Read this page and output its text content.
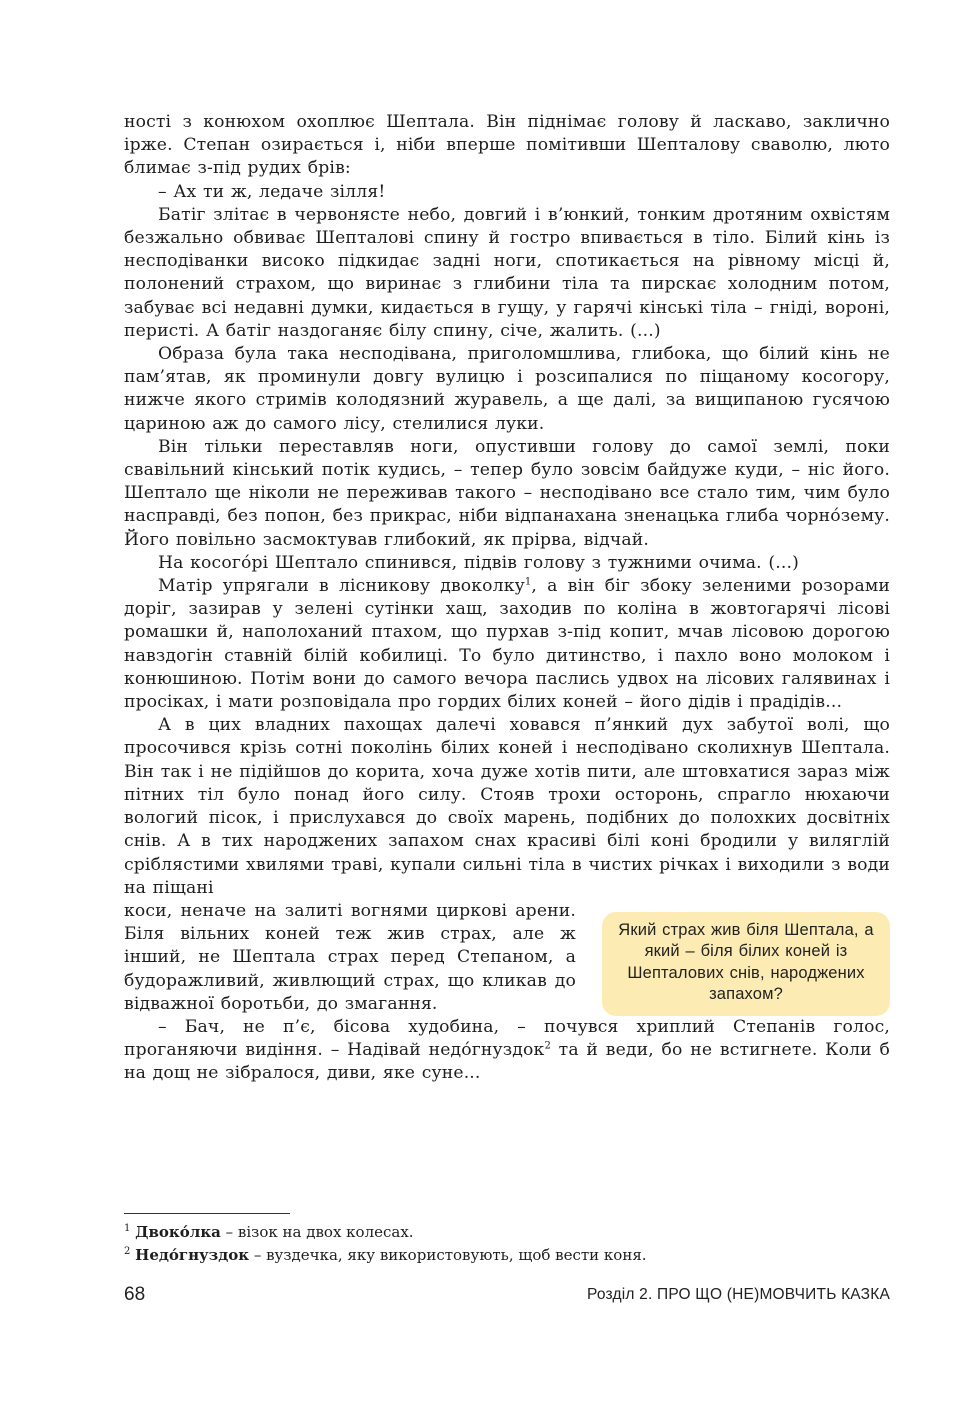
ності з конюхом охоплює Шептала. Він піднімає голову й ласкаво, заклично ірже. Степан озирається і, ніби вперше помітивши Шепталову сваволю, люто блимає з-під рудих брів:

– Ах ти ж, ледаче зілля!

Батіг злітає в червонясте небо, довгий і в’юнкий, тонким дротяним охвістям безжально обвиває Шепталові спину й гостро впивається в тіло. Білий кінь із несподіванки високо підкидає задні ноги, спотикається на рівному місці й, полонений страхом, що виринає з глибини тіла та пирскає холодним потом, забуває всі недавні думки, кидається в гущу, у гарячі кінські тіла – гніді, вороні, перисті. А батіг наздоганяє білу спину, січе, жалить. (...)

Образа була така несподівана, приголомшлива, глибока, що білий кінь не пам’ятав, як проминули довгу вулицю і розсипалися по піщаному косогору, нижче якого стримів колодязний журавель, а ще далі, за вищипаною гусячою цариною аж до самого лісу, стелилися луки.

Він тільки переставляв ноги, опустивши голову до самої землі, поки свавільний кінський потік кудись, – тепер було зовсім байдуже куди, – ніс його. Шептало ще ніколи не переживав такого – несподівано все стало тим, чим було насправді, без попон, без прикрас, ніби відпанахана зненацька глиба чорно́зему. Його повільно засмоктував глибокий, як прірва, відчай.

На косого́рі Шептало спинився, підвів голову з тужними очима. (...)

Матір упрягали в лісникову двоколку$^1$, а він біг збоку зеленими розорами доріг, зазирав у зелені сутінки хащ, заходив по коліна в жовтогарячі лісові ромашки й, наполоханий птахом, що пурхав з-під копит, мчав лісовою дорогою навздогін ставній білій кобилиці. То було дитинство, і пахло воно молоком і конюшиною. Потім вони до самого вечора паслись удвох на лісових галявинах і просіках, і мати розповідала про гордих білих коней – його дідів і прадідів...

А в цих владних пахощах далечі ховався п’янкий дух забутої волі, що просочився крізь сотні поколінь білих коней і несподівано сколихнув Шептала. Він так і не підійшов до корита, хоча дуже хотів пити, але штовхатися зараз між пітних тіл було понад його силу. Стояв трохи осторонь, спрагло нюхаючи вологий пісок, і прислухався до своїх марень, подібних до полохких досвітніх снів. А в тих народжених запахом снах красиві білі коні бродили у виляглій сріблястими хвилями траві, купали сильні тіла в чистих річках і виходили з води на піщані

коси, неначе на залиті вогнями циркові арени. Біля вільних коней теж жив страх, але ж інший, не Шептала страх перед Степаном, а будоражливий, живлющий страх, що кликав до відважної боротьби, до змагання.

Який страх жив біля Шептала, а який – біля білих коней із Шепталових снів, народжених запахом?

– Бач, не п’є, бісова худобина, – почувся хриплий Степанів голос, проганяючи видіння. – Надівай недо́гнуздок$^2$ та й веди, бо не встигнете. Коли б на дощ не зібралося, диви, яке суне...

$^1$ Двоко́лка – візок на двох колесах.
$^2$ Недо́гнуздок – вуздечка, яку використовують, щоб вести коня.
68	Розділ 2. ПРО ЩО (НЕ)МОВЧИТЬ КАЗКА
